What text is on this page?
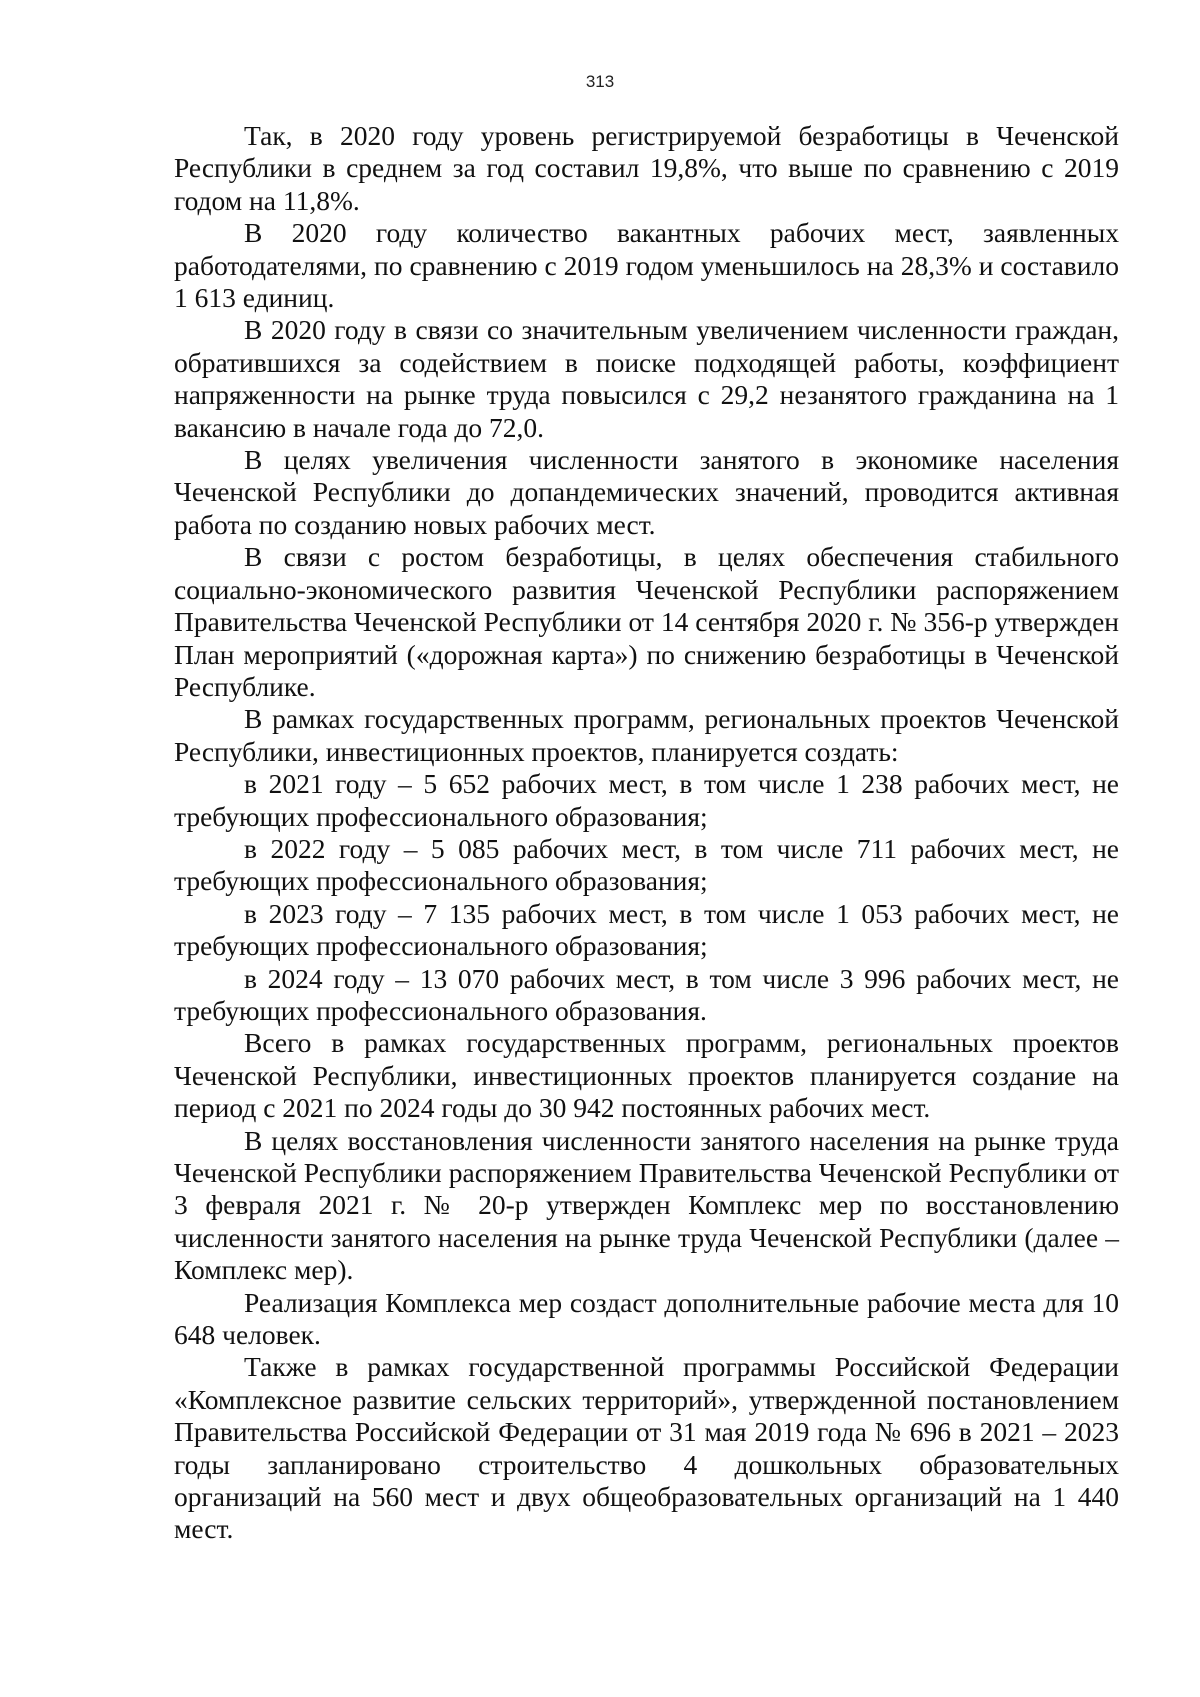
313

Так, в 2020 году уровень регистрируемой безработицы в Чеченской Республики в среднем за год составил 19,8%, что выше по сравнению с 2019 годом на 11,8%.

В 2020 году количество вакантных рабочих мест, заявленных работодателями, по сравнению с 2019 годом уменьшилось на 28,3% и составило 1 613 единиц.

В 2020 году в связи со значительным увеличением численности граждан, обратившихся за содействием в поиске подходящей работы, коэффициент напряженности на рынке труда повысился с 29,2 незанятого гражданина на 1 вакансию в начале года до 72,0.

В целях увеличения численности занятого в экономике населения Чеченской Республики до допандемических значений, проводится активная работа по созданию новых рабочих мест.

В связи с ростом безработицы, в целях обеспечения стабильного социально-экономического развития Чеченской Республики распоряжением Правительства Чеченской Республики от 14 сентября 2020 г. № 356-р утвержден План мероприятий («дорожная карта») по снижению безработицы в Чеченской Республике.

В рамках государственных программ, региональных проектов Чеченской Республики, инвестиционных проектов, планируется создать:

в 2021 году – 5 652 рабочих мест, в том числе 1 238 рабочих мест, не требующих профессионального образования;

в 2022 году – 5 085 рабочих мест, в том числе 711 рабочих мест, не требующих профессионального образования;

в 2023 году – 7 135 рабочих мест, в том числе 1 053 рабочих мест, не требующих профессионального образования;

в 2024 году – 13 070 рабочих мест, в том числе 3 996 рабочих мест, не требующих профессионального образования.

Всего в рамках государственных программ, региональных проектов Чеченской Республики, инвестиционных проектов планируется создание на период с 2021 по 2024 годы до 30 942 постоянных рабочих мест.

В целях восстановления численности занятого населения на рынке труда Чеченской Республики распоряжением Правительства Чеченской Республики от 3 февраля 2021 г. № 20-р утвержден Комплекс мер по восстановлению численности занятого населения на рынке труда Чеченской Республики (далее – Комплекс мер).

Реализация Комплекса мер создаст дополнительные рабочие места для 10 648 человек.

Также в рамках государственной программы Российской Федерации «Комплексное развитие сельских территорий», утвержденной постановлением Правительства Российской Федерации от 31 мая 2019 года № 696 в 2021 – 2023 годы запланировано строительство 4 дошкольных образовательных организаций на 560 мест и двух общеобразовательных организаций на 1 440 мест.
